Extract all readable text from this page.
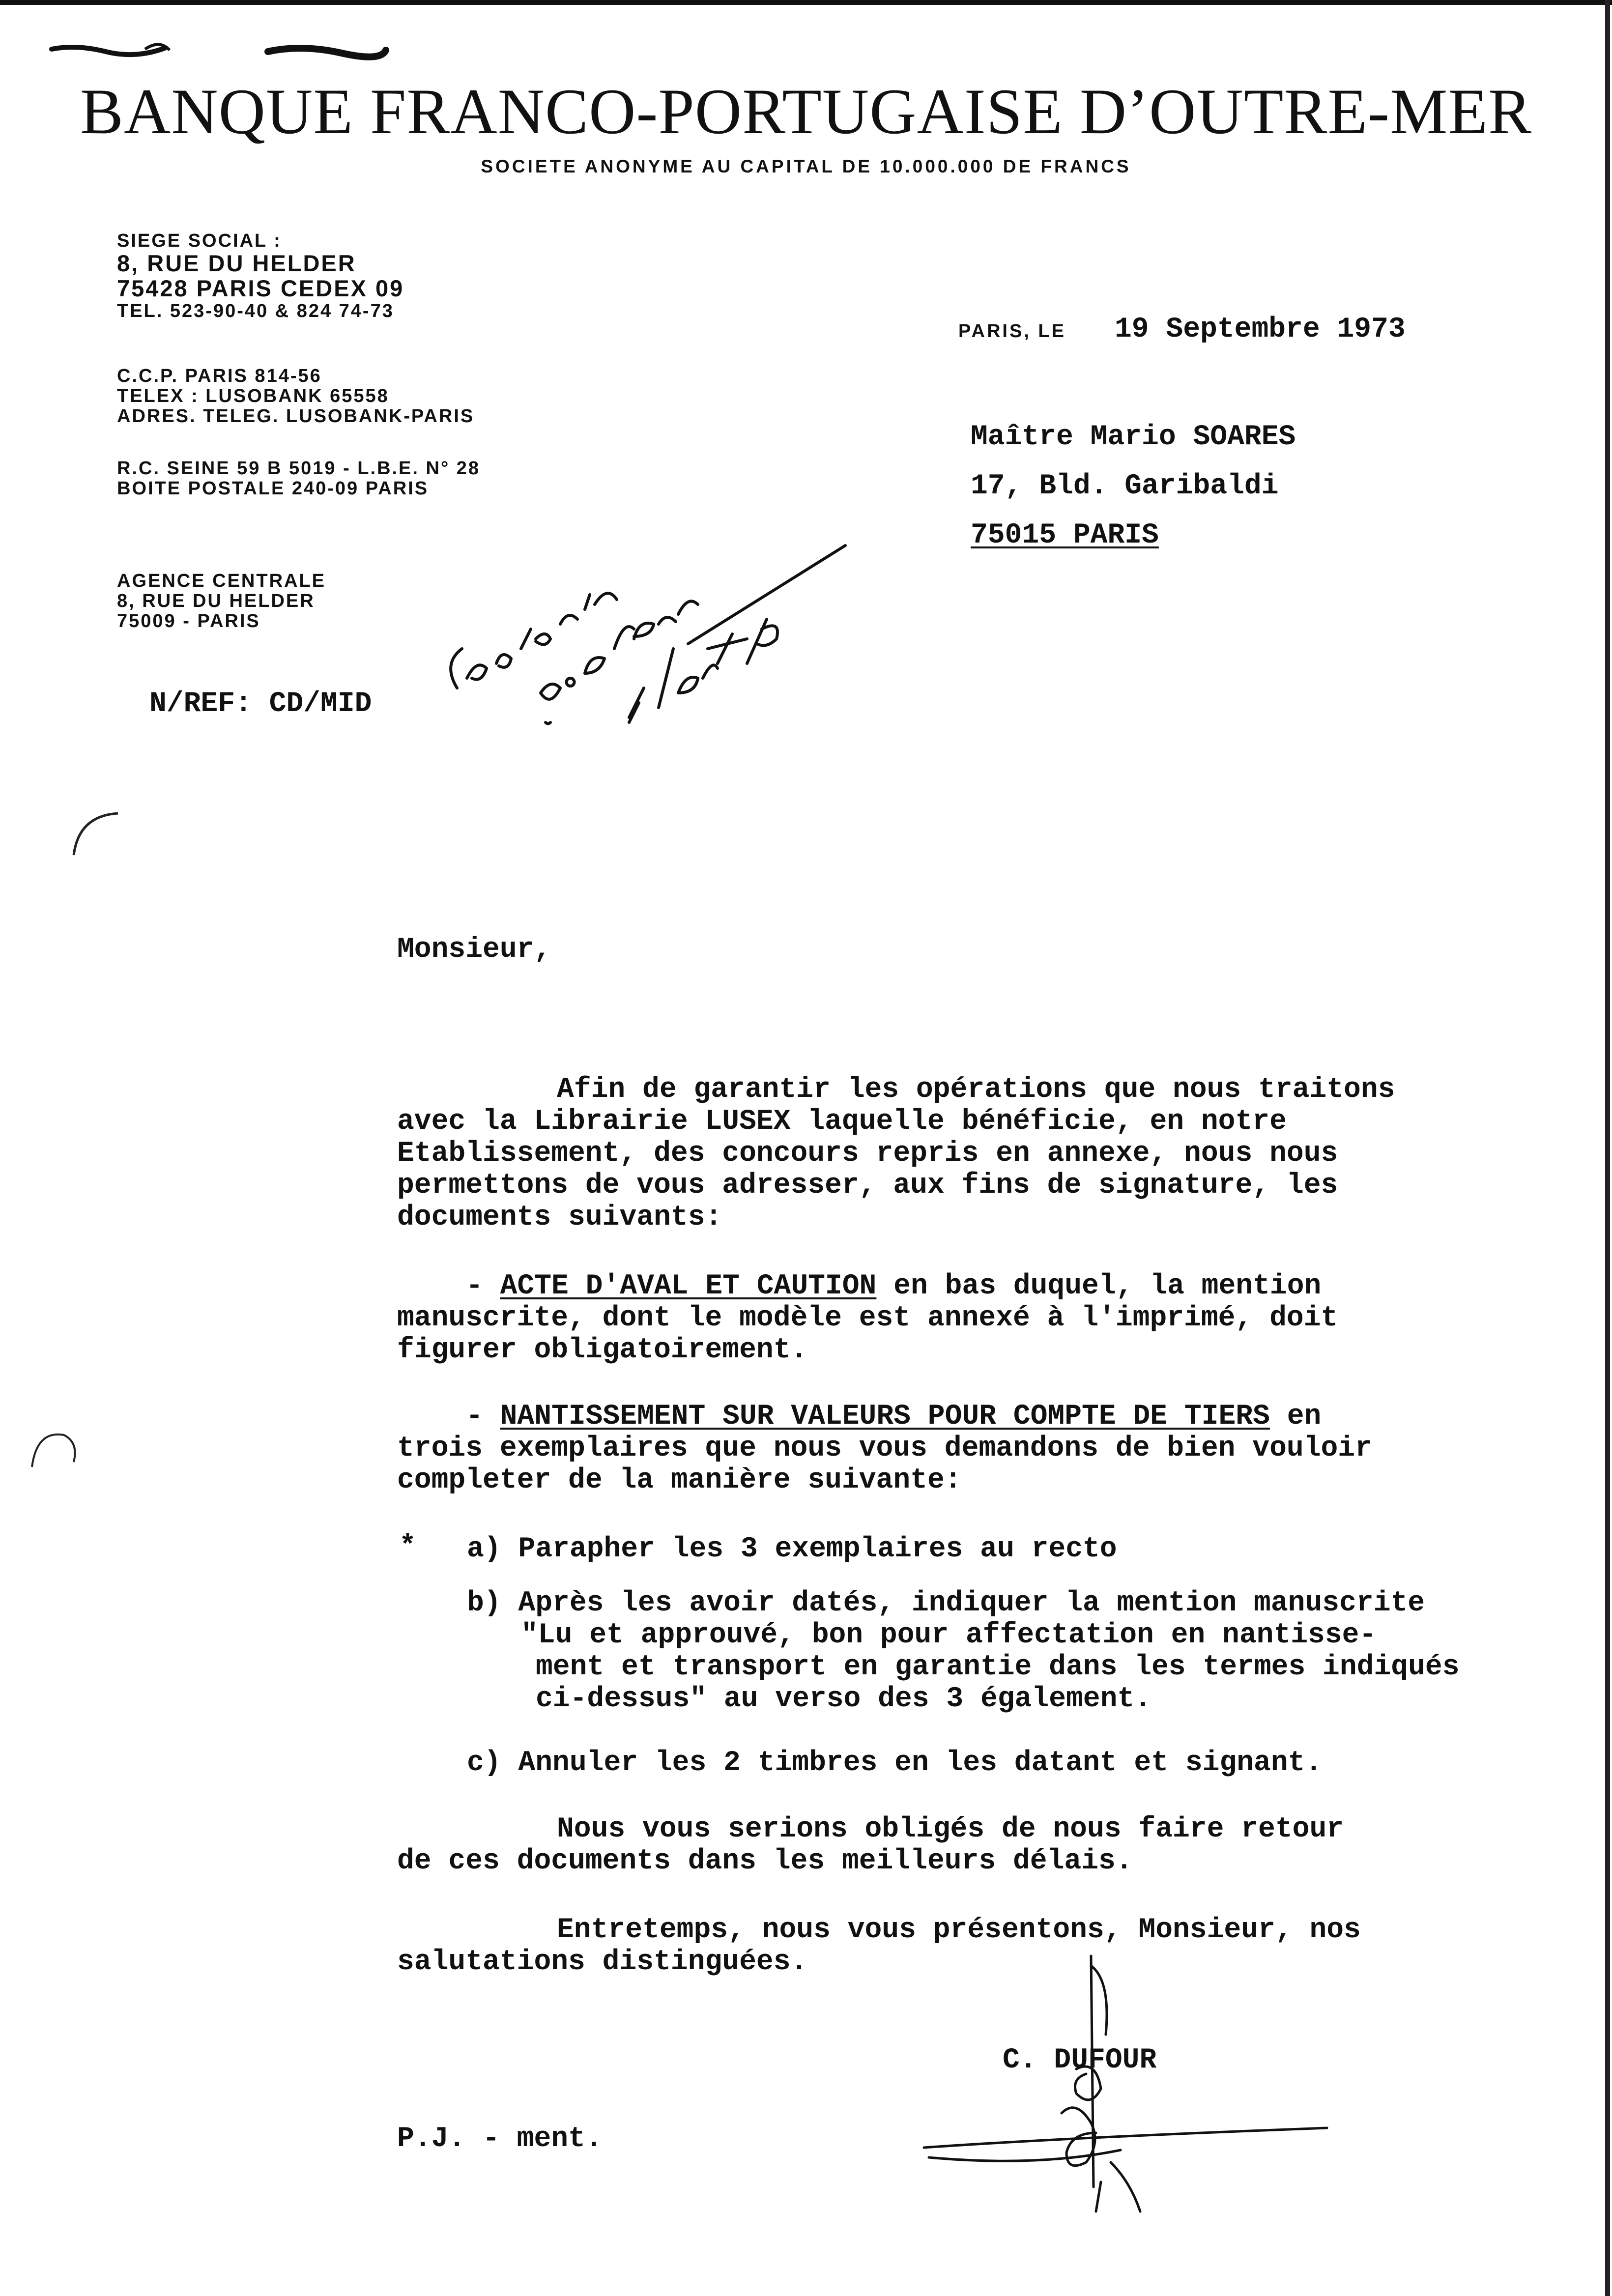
BANQUE FRANCO-PORTUGAISE D’OUTRE-MER
SOCIETE ANONYME AU CAPITAL DE 10.000.000 DE FRANCS
SIEGE SOCIAL :
8, RUE DU HELDER
75428 PARIS CEDEX 09
TEL. 523-90-40 & 824 74-73
C.C.P. PARIS 814-56
TELEX : LUSOBANK 65558
ADRES. TELEG. LUSOBANK-PARIS
R.C. SEINE 59 B 5019 - L.B.E. N° 28
BOITE POSTALE 240-09 PARIS
AGENCE CENTRALE
8, RUE DU HELDER
75009 - PARIS
PARIS, LE 19 Septembre 1973
Maître Mario SOARES
17, Bld. Garibaldi
75015 PARIS
N/REF: CD/MID
Monsieur,
Afin de garantir les opérations que nous traitons
avec la Librairie LUSEX laquelle bénéficie, en notre
Etablissement, des concours repris en annexe, nous nous
permettons de vous adresser, aux fins de signature, les
documents suivants:
- ACTE D'AVAL ET CAUTION en bas duquel, la mention
manuscrite, dont le modèle est annexé à l'imprimé, doit
figurer obligatoirement.
- NANTISSEMENT SUR VALEURS POUR COMPTE DE TIERS en
trois exemplaires que nous vous demandons de bien vouloir
completer de la manière suivante:
* a) Parapher les 3 exemplaires au recto
b) Après les avoir datés, indiquer la mention manuscrite
"Lu et approuvé, bon pour affectation en nantisse-
ment et transport en garantie dans les termes indiqués
ci-dessus" au verso des 3 également.
c) Annuler les 2 timbres en les datant et signant.
Nous vous serions obligés de nous faire retour
de ces documents dans les meilleurs délais.
Entretemps, nous vous présentons, Monsieur, nos
salutations distinguées.
C. DUFOUR
P.J. - ment.
